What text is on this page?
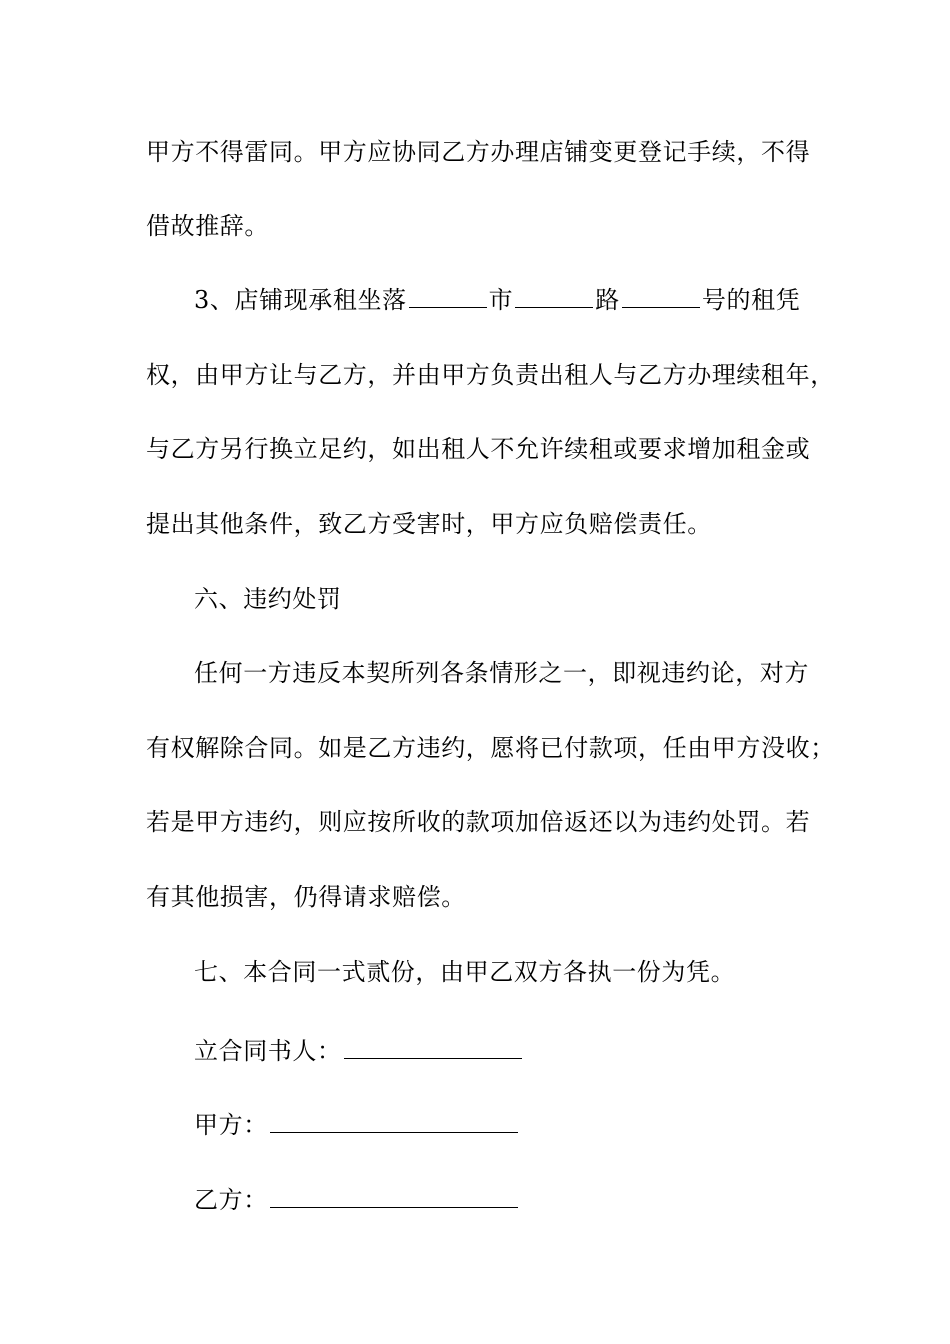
甲方不得雷同。甲方应协同乙方办理店铺变更登记手续，不得
借故推辞。
3、店铺现承租坐落	市	路	号的租凭
权，由甲方让与乙方，并由甲方负责出租人与乙方办理续租年，
与乙方另行换立足约，如出租人不允许续租或要求增加租金或
提出其他条件，致乙方受害时，甲方应负赔偿责任。
六、违约处罚
任何一方违反本契所列各条情形之一，即视违约论，对方
有权解除合同。如是乙方违约，愿将已付款项，任由甲方没收；
若是甲方违约，则应按所收的款项加倍返还以为违约处罚。若
有其他损害，仍得请求赔偿。
七、本合同一式贰份，由甲乙双方各执一份为凭。
立合同书人：
甲方：
乙方：
